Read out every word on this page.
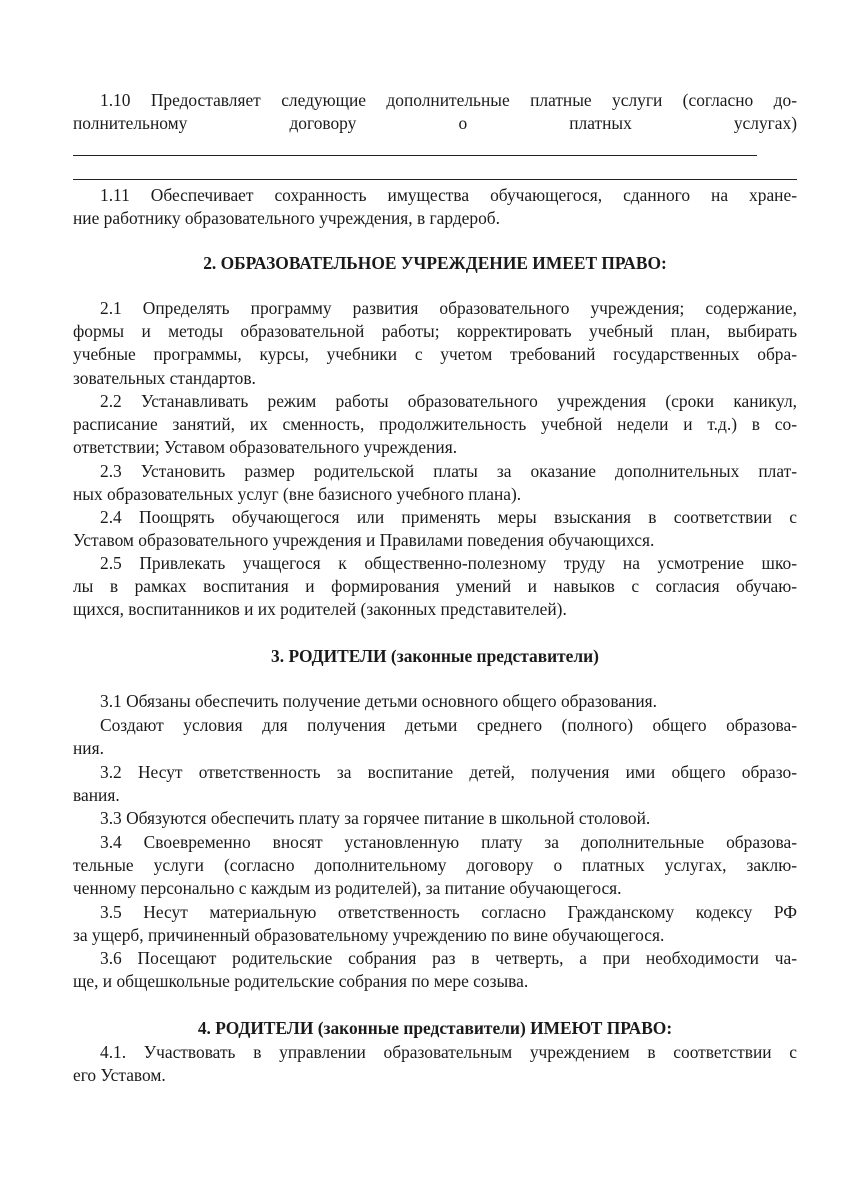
1.10 Предоставляет следующие дополнительные платные услуги (согласно до-
полнительному договору о платных услугах)

1.11 Обеспечивает сохранность имущества обучающегося, сданного на хране-
ние работнику образовательного учреждения, в гардероб.

2. ОБРАЗОВАТЕЛЬНОЕ УЧРЕЖДЕНИЕ ИМЕЕТ ПРАВО:

2.1 Определять программу развития образовательного учреждения; содержание,
формы и методы образовательной работы; корректировать учебный план, выбирать
учебные программы, курсы, учебники с учетом требований государственных обра-
зовательных стандартов.

2.2 Устанавливать режим работы образовательного учреждения (сроки каникул,
расписание занятий, их сменность, продолжительность учебной недели и т.д.) в со-
ответствии; Уставом образовательного учреждения.

2.3 Установить размер родительской платы за оказание дополнительных плат-
ных образовательных услуг (вне базисного учебного плана).

2.4 Поощрять обучающегося или применять меры взыскания в соответствии с
Уставом образовательного учреждения и Правилами поведения обучающихся.

2.5 Привлекать учащегося к общественно-полезному труду на усмотрение шко-
лы в рамках воспитания и формирования умений и навыков с согласия обучаю-
щихся, воспитанников и их родителей (законных представителей).

3. РОДИТЕЛИ (законные представители)

3.1 Обязаны обеспечить получение детьми основного общего образования.

Создают условия для получения детьми среднего (полного) общего образова-
ния.

3.2 Несут ответственность за воспитание детей, получения ими общего образо-
вания.

3.3 Обязуются обеспечить плату за горячее питание в школьной столовой.

3.4 Своевременно вносят установленную плату за дополнительные образова-
тельные услуги (согласно дополнительному договору о платных услугах, заклю-
ченному персонально с каждым из родителей), за питание обучающегося.

3.5 Несут материальную ответственность согласно Гражданскому кодексу РФ
за ущерб, причиненный образовательному учреждению по вине обучающегося.

3.6 Посещают родительские собрания раз в четверть, а при необходимости ча-
ще, и общешкольные родительские собрания по мере созыва.

4. РОДИТЕЛИ (законные представители) ИМЕЮТ ПРАВО:

4.1. Участвовать в управлении образовательным учреждением в соответствии с
его Уставом.
